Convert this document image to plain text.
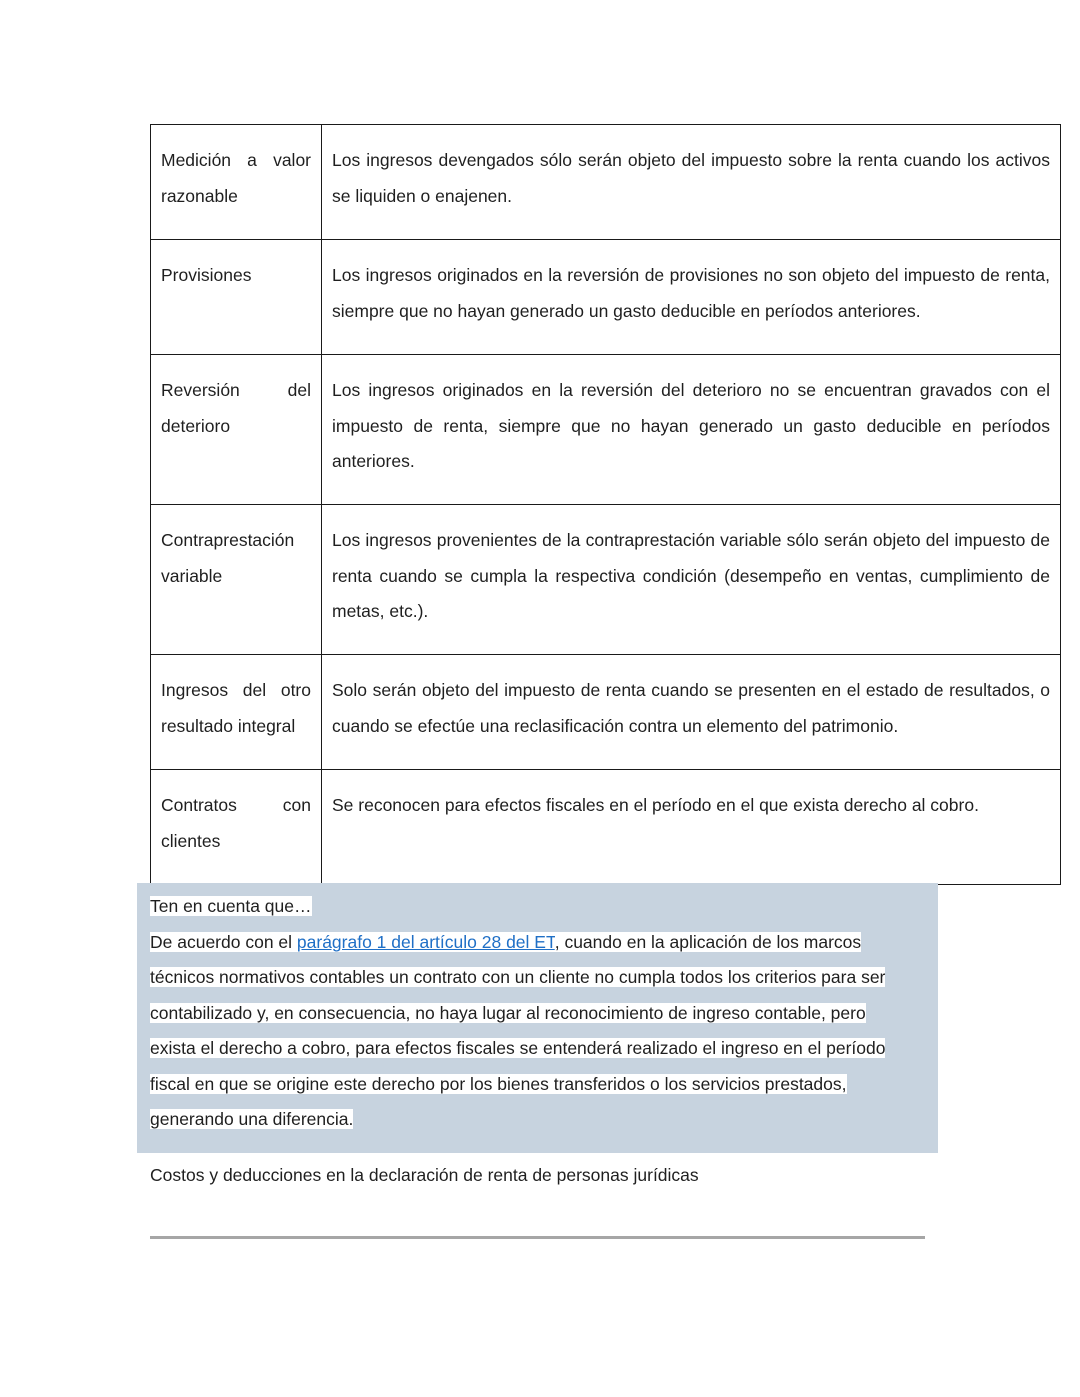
Medición a valor razonable	Los ingresos devengados sólo serán objeto del impuesto sobre la renta cuando los activos se liquiden o enajenen.
Provisiones	Los ingresos originados en la reversión de provisiones no son objeto del impuesto de renta, siempre que no hayan generado un gasto deducible en períodos anteriores.
Reversión del deterioro	Los ingresos originados en la reversión del deterioro no se encuentran gravados con el impuesto de renta, siempre que no hayan generado un gasto deducible en períodos anteriores.
Contraprestación variable	Los ingresos provenientes de la contraprestación variable sólo serán objeto del impuesto de renta cuando se cumpla la respectiva condición (desempeño en ventas, cumplimiento de metas, etc.).
Ingresos del otro resultado integral	Solo serán objeto del impuesto de renta cuando se presenten en el estado de resultados, o cuando se efectúe una reclasificación contra un elemento del patrimonio.
Contratos con clientes	Se reconocen para efectos fiscales en el período en el que exista derecho al cobro.
Ten en cuenta que…
De acuerdo con el parágrafo 1 del artículo 28 del ET, cuando en la aplicación de los marcos
técnicos normativos contables un contrato con un cliente no cumpla todos los criterios para ser
contabilizado y, en consecuencia, no haya lugar al reconocimiento de ingreso contable, pero
exista el derecho a cobro, para efectos fiscales se entenderá realizado el ingreso en el período
fiscal en que se origine este derecho por los bienes transferidos o los servicios prestados,
generando una diferencia.
Costos y deducciones en la declaración de renta de personas jurídicas
